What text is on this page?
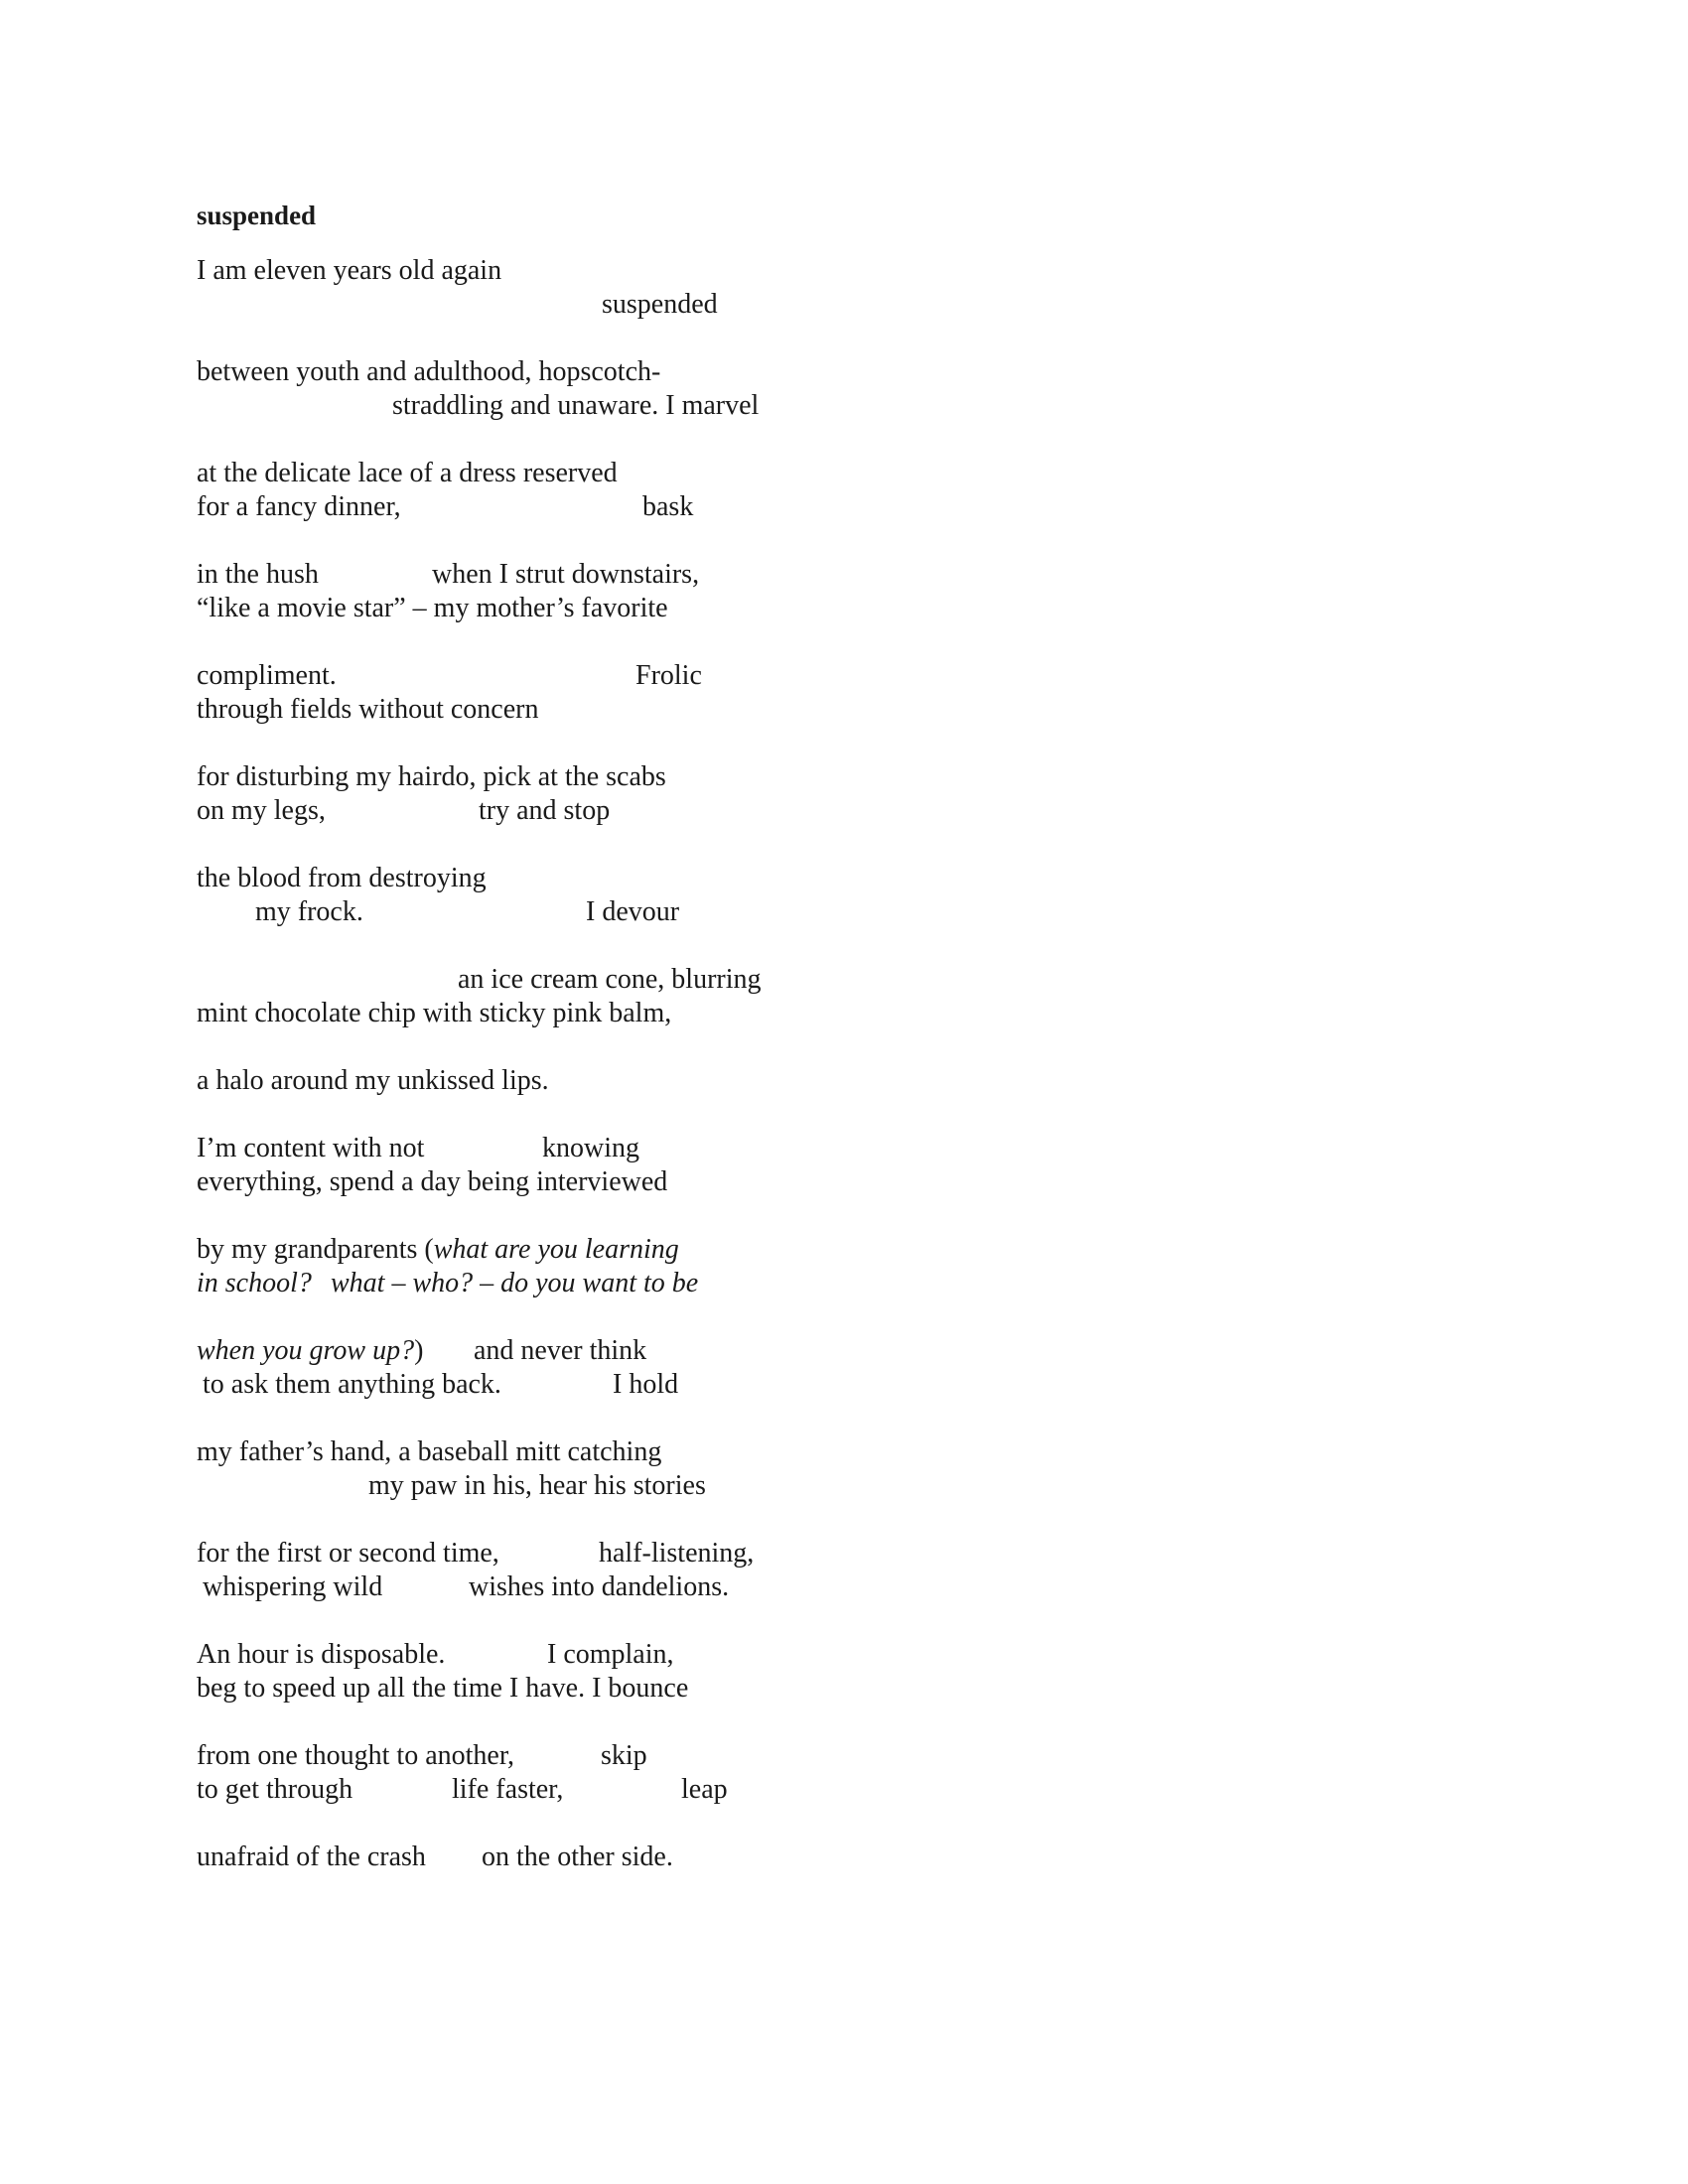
suspended
I am eleven years old again
suspended
between youth and adulthood, hopscotch-
straddling and unaware. I marvel
at the delicate lace of a dress reserved
for a fancy dinner,	bask
in the hush	when I strut downstairs,
“like a movie star” – my mother’s favorite
compliment.	Frolic
through fields without concern
for disturbing my hairdo, pick at the scabs
on my legs,	try and stop
the blood from destroying
my frock.	I devour
an ice cream cone, blurring
mint chocolate chip with sticky pink balm,
a halo around my unkissed lips.
I’m content with not	knowing
everything, spend a day being interviewed
by my grandparents (what are you learning
in school? what – who? – do you want to be
when you grow up?) and never think
to ask them anything back.	I hold
my father’s hand, a baseball mitt catching
my paw in his, hear his stories
for the first or second time,	half-listening,
whispering wild	wishes into dandelions.
An hour is disposable.	I complain,
beg to speed up all the time I have. I bounce
from one thought to another,	skip
to get through	life faster,	leap
unafraid of the crash on the other side.
